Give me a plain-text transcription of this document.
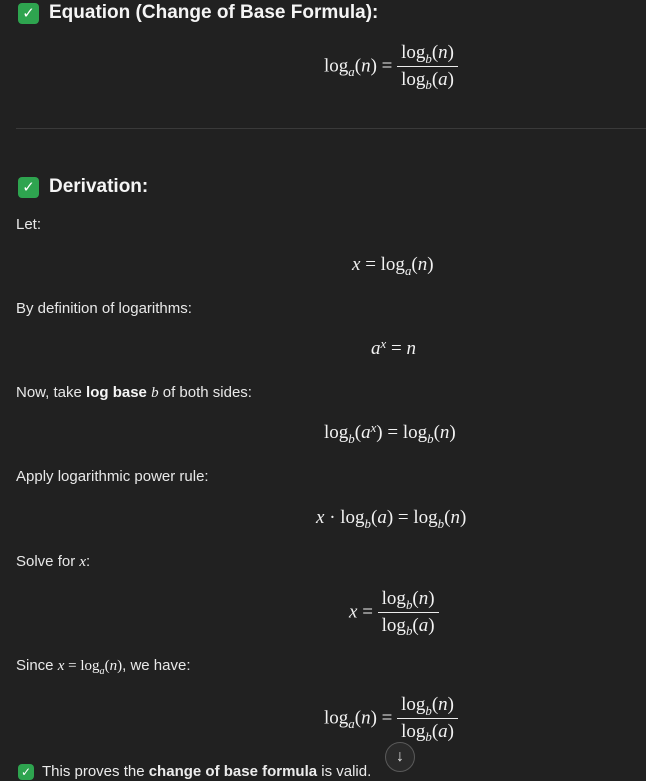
✓ Equation (Change of Base Formula):
$\log_a(n) = \frac{\log_b(n)}{\log_b(a)}$
✓ Derivation:
Let:
$x = \log_a(n)$
By definition of logarithms:
$a^x = n$
Now, take log base b of both sides:
$\log_b(a^x) = \log_b(n)$
Apply logarithmic power rule:
$x \cdot \log_b(a) = \log_b(n)$
Solve for x:
$x = \frac{\log_b(n)}{\log_b(a)}$
Since $x = \log_a(n)$, we have:
$\log_a(n) = \frac{\log_b(n)}{\log_b(a)}$
↓
✓ This proves the change of base formula is valid.
